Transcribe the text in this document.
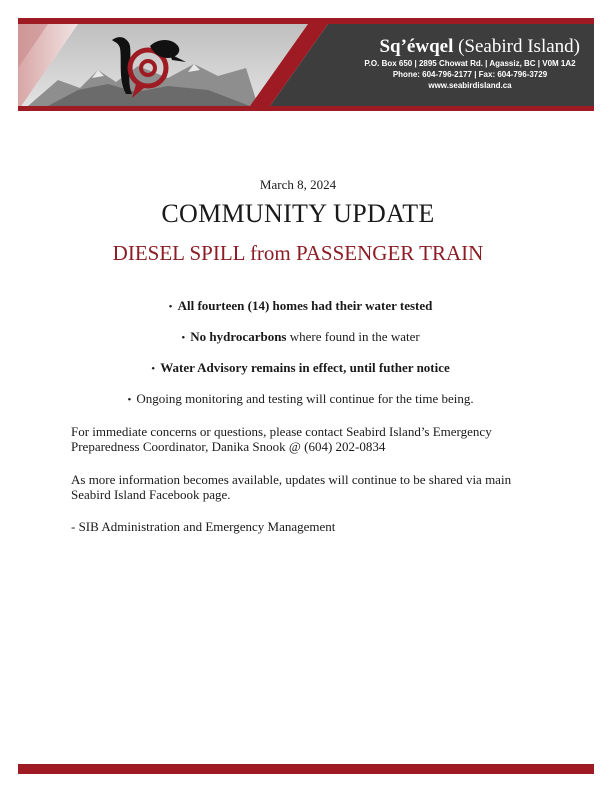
Sq’éwqel (Seabird Island)
P.O. Box 650 | 2895 Chowat Rd. | Agassiz, BC | V0M 1A2
Phone: 604-796-2177 | Fax: 604-796-3729
www.seabirdisland.ca
March 8, 2024
COMMUNITY UPDATE
DIESEL SPILL from PASSENGER TRAIN
• All fourteen (14) homes had their water tested
• No hydrocarbons where found in the water
• Water Advisory remains in effect, until futher notice
• Ongoing monitoring and testing will continue for the time being.

For immediate concerns or questions, please contact Seabird Island’s Emergency Preparedness Coordinator, Danika Snook @ (604) 202-0834

As more information becomes available, updates will continue to be shared via main Seabird Island Facebook page.

- SIB Administration and Emergency Management
